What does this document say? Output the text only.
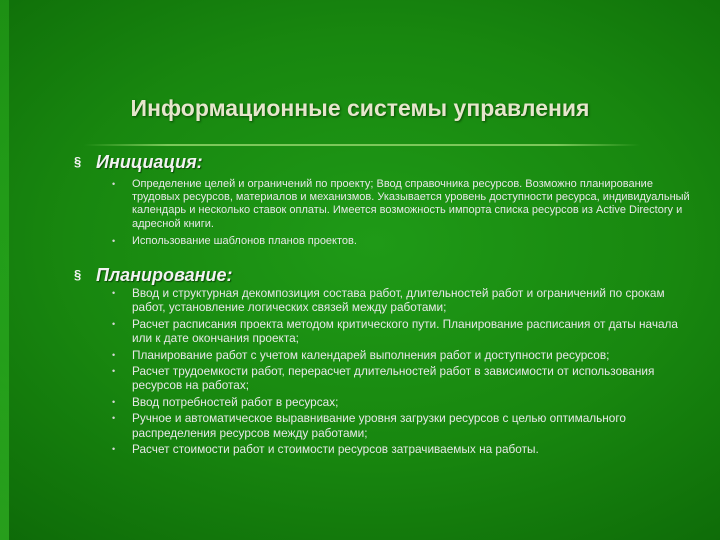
Информационные системы управления
§ Инициация:
• Определение целей и ограничений по проекту; Ввод справочника ресурсов. Возможно планирование трудовых ресурсов, материалов и механизмов. Указывается уровень доступности ресурса, индивидуальный календарь и несколько ставок оплаты. Имеется возможность импорта списка ресурсов из Active Directory и адресной книги.
• Использование шаблонов планов проектов.
§ Планирование:
• Ввод и структурная декомпозиция состава работ, длительностей работ и ограничений по срокам работ, установление логических связей между работами;
• Расчет расписания проекта методом критического пути. Планирование расписания от даты начала или к дате окончания проекта;
• Планирование работ с учетом календарей выполнения работ и доступности ресурсов;
• Расчет трудоемкости работ, перерасчет длительностей работ в зависимости от использования ресурсов на работах;
• Ввод потребностей работ в ресурсах;
• Ручное и автоматическое выравнивание уровня загрузки ресурсов с целью оптимального распределения ресурсов между работами;
• Расчет стоимости работ и стоимости ресурсов затрачиваемых на работы.
